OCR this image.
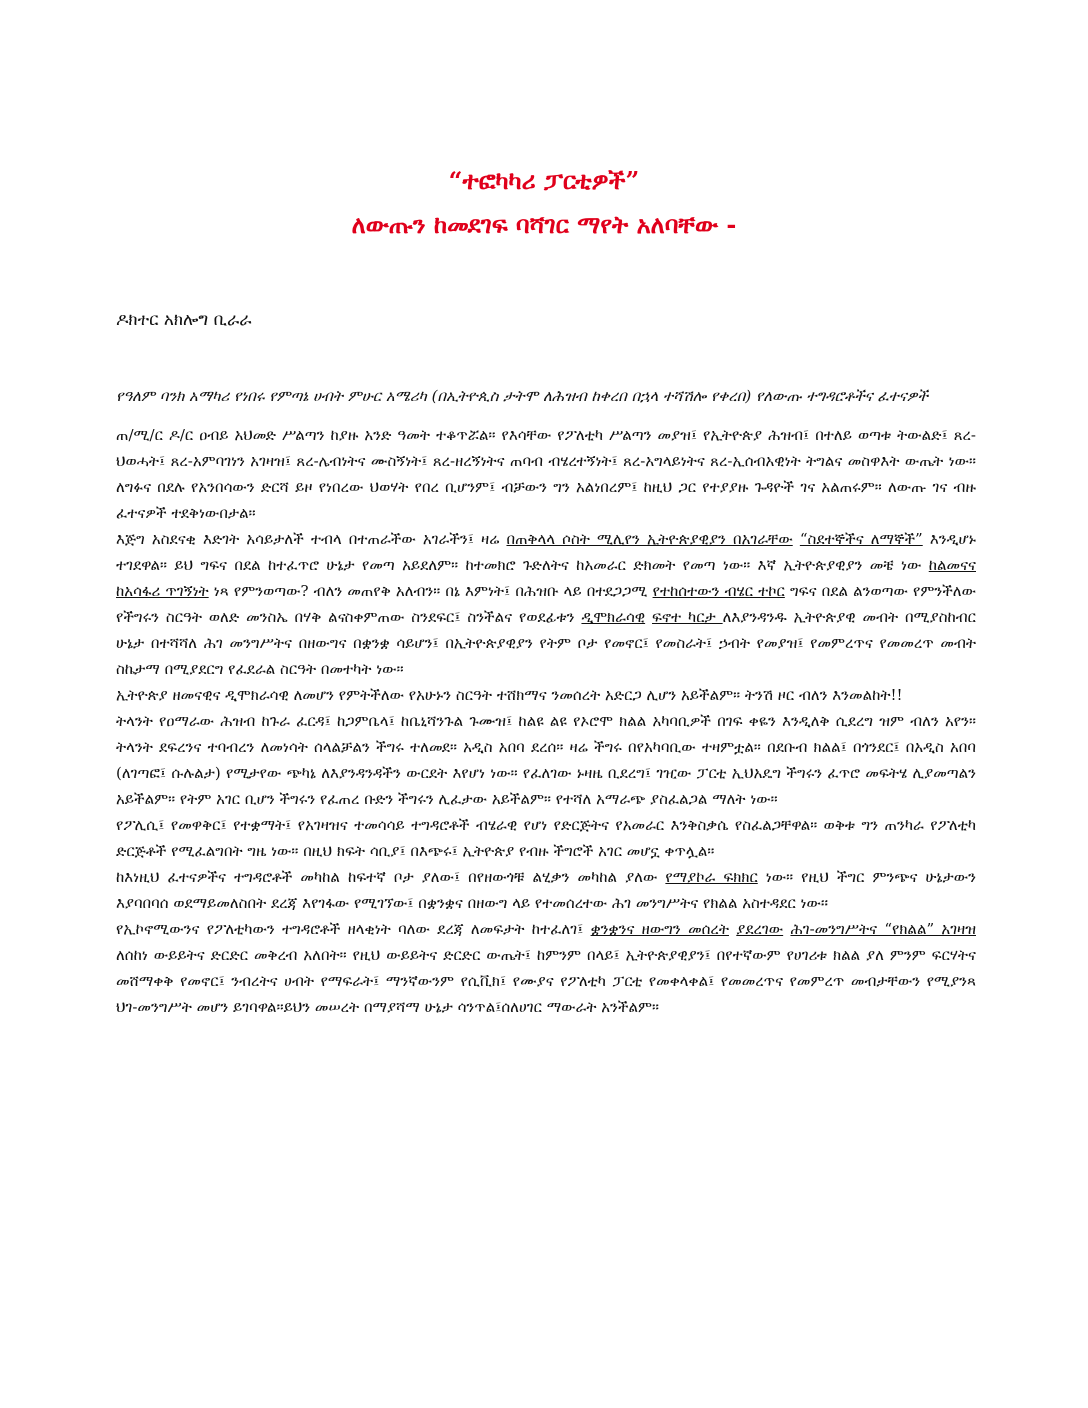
“ተፎካካሪ ፓርቲዎች”
ለውጡን ከመደገፍ ባሻገር ማየት አለባቸው -
ዶክተር አክሎግ ቢራራ
የዓለም ባንክ አማካሪ የነበሩ የምጣኔ ሀብት ምሁር አሜሪካ (በኢትዮጲስ ታትሞ ለሕዝብ ከቀረበ በኋላ ተሻሽሎ የቀረበ) የለውጡ ተግዳሮቶችና ፈተናዎች

ጠ/ሚ/ር ዶ/ር ዐብይ አህመድ ሥልጣን ከያዙ አንድ ዓመት ተቆጥሯል። የእሳቸው የፖለቲካ ሥልጣን መያዝ፤ የኢትዮጵያ ሕዝብ፤ በተለይ ወጣቱ ትውልድ፤ ጸረ-ህወሓት፤ ጸረ-አምባገነን አገዛዝ፤ ጸረ-ሌብነትና ሙስኝነት፤ ጸረ-ዘረኝነትና ጠባብ ብሄረተኝነት፤ ጸረ-አግላይነትና ጸረ-ኢሰብአዊነት ትግልና መስዋእት ውጤት ነው። ለግፉና በደሉ የአንበሳውን ድርሻ ይዞ የነበረው ህወሃት የበረ ቢሆንም፤ ብቻውን ግን አልነበረም፤ ከዚህ ጋር የተያያዙ ጉዳዮች ገና አልጠሩም። ለውጡ ገና ብዙ ፈተናዎች ተደቅነውበታል።

እጅግ አስደናቂ እድገት አሳይታለች ተብላ በተጠራችው አገራችን፤ ዛሬ በጠቅላላ ሶስት ሚሊየን ኢትዮጵያዊያን በአገራቸው “ስደተኞችና ለማኞች” እንዲሆኑ ተገደዋል። ይህ ግፍና በደል ከተፈጥሮ ሁኔታ የመጣ አይደለም። ከተመክሮ ጉድለትና ከአመራር ድክመት የመጣ ነው። እኛ ኢትዮጵያዊያን መቼ ነው ከልመናና ከአሳፋሪ ጥገኝነት ነጻ የምንወጣው? ብለን መጠየቅ አለብን። በኔ እምነት፤ በሕዝቡ ላይ በተደጋጋሚ የተከሰተውን ብሄር ተኮር ግፍና በደል ልንወጣው የምንችለው የችግሩን ስርዓት ወለድ መንስኤ በሃቅ ልናስቀምጠው ስንደፍር፤ ስንችልና የወደፊቱን ዲሞክራሳዊ ፍኖተ ካርታ ለእያንዳንዱ ኢትዮጵያዊ መብት በሚያስከብር ሁኔታ በተሻሻለ ሕገ መንግሥትና በዘውግና በቋንቋ ሳይሆን፤ በኢትዮጵያዊያን የትም ቦታ የመኖር፤ የመስራት፤ ኃብት የመያዝ፤ የመምረጥና የመመረጥ መብት ስኬታማ በሚያደርግ የፈደራል ስርዓት በመተካት ነው።

ኢትዮጵያ ዘመናዊና ዲሞክራሳዊ ለመሆን የምትችለው የአሁኑን ስርዓት ተሸክማና ንመሰረት አድርጋ ሊሆን አይችልም። ትንሽ ዞር ብለን እንመልከት!!

ትላንት የዐማራው ሕዝብ ከጉራ ፈርዳ፤ ከጋምቤላ፤ ከቤኒሻንጉል ጉሙዝ፤ ከልዩ ልዩ የኦሮሞ ክልል አካባቢዎች በገፍ ቀዬን እንዲለቅ ሲደረግ ዝም ብለን አየን። ትላንት ደፍረንና ተባብረን ለመነሳት ሰላልቻልን ችግሩ ተለመደ። አዲስ አበባ ደረሰ። ዛሬ ችግሩ በየአካባቢው ተዛምቷል። በደቡብ ክልል፤ በጎንደር፤ በአዲስ አበባ (ለገጣፎ፤ ሱሉልታ) የሚታየው ጭካኔ ለእያንዳንዳችን ውርደት እየሆነ ነው። የፈለገው ኑዛዜ ቢደረግ፤ ገዢው ፓርቲ ኢህአዴግ ችግሩን ፈጥሮ መፍትሄ ሊያመጣልን አይችልም። የትም አገር ቢሆን ችግሩን የፈጠረ ቡድን ችግሩን ሊፈታው አይችልም። የተሻለ አማራጭ ያስፈልጋል ማለት ነው።

የፖሊሲ፤ የመዋቅር፤ የተቋማት፤ የአገዛዝና ተመሳሳይ ተግዳሮቶች ብሄራዊ የሆነ የድርጅትና የአመራር እንቅስቃሴ የስፈልጋቸዋል። ወቅቱ ግን ጠንካራ የፖለቲካ ድርጅቶች የሚፈልግበት ግዜ ነው። በዚህ ክፍት ሳቢያ፤ በእጭሩ፤ ኢትዮጵያ የብዙ ችግሮች አገር መሆኗ ቀጥሏል።

ከእነዚህ ፈተናዎችና ተግዳሮቶች መካከል ከፍተኛ ቦታ ያለው፤ በየዘውጎቹ ልሂቃን መካከል ያለው የማያኮራ ፍክክር ነው። የዚህ ችግር ምንጭና ሁኔታውን እያባበባሰ ወደማይመለስበት ደረጃ እየገፋው የሚገኘው፤ በቋንቋና በዘውግ ላይ የተመሰረተው ሕገ መንግሥትና የክልል አስተዳደር ነው፡፡

የኢኮኖሚውንና የፖለቲካውን ተግዳሮቶች ዘላቂነት ባለው ደረጃ ለመፍታት ከተፈለገ፤ ቋንቋንና ዘውግን መሰረት ያደረገው ሕገ-መንግሥትና “የክልል” አገዛዝ ለሰከነ ውይይትና ድርድር መቅረብ አለበት። የዚህ ውይይትና ድርድር ውጤት፤ ከምንም በላይ፤ ኢትዮጵያዊያን፤ በየተኛውም የሀገሪቱ ክልል ያለ ምንም ፍርሃትና መሸማቀቅ የመኖር፤ ንብረትና ሀብት የማፍራት፤ ማንኛውንም የሲቪክ፤ የሙያና የፖለቲካ ፓርቲ የመቀላቀል፤ የመመረጥና የመምረጥ መብታቸውን የሚያንጻ ህገ-መንግሥት መሆን ይገባዋል።ይህን መሠረት በማያሻማ ሁኔታ ሳንጥል፤ሰለሀገር ማውራት አንችልም።
